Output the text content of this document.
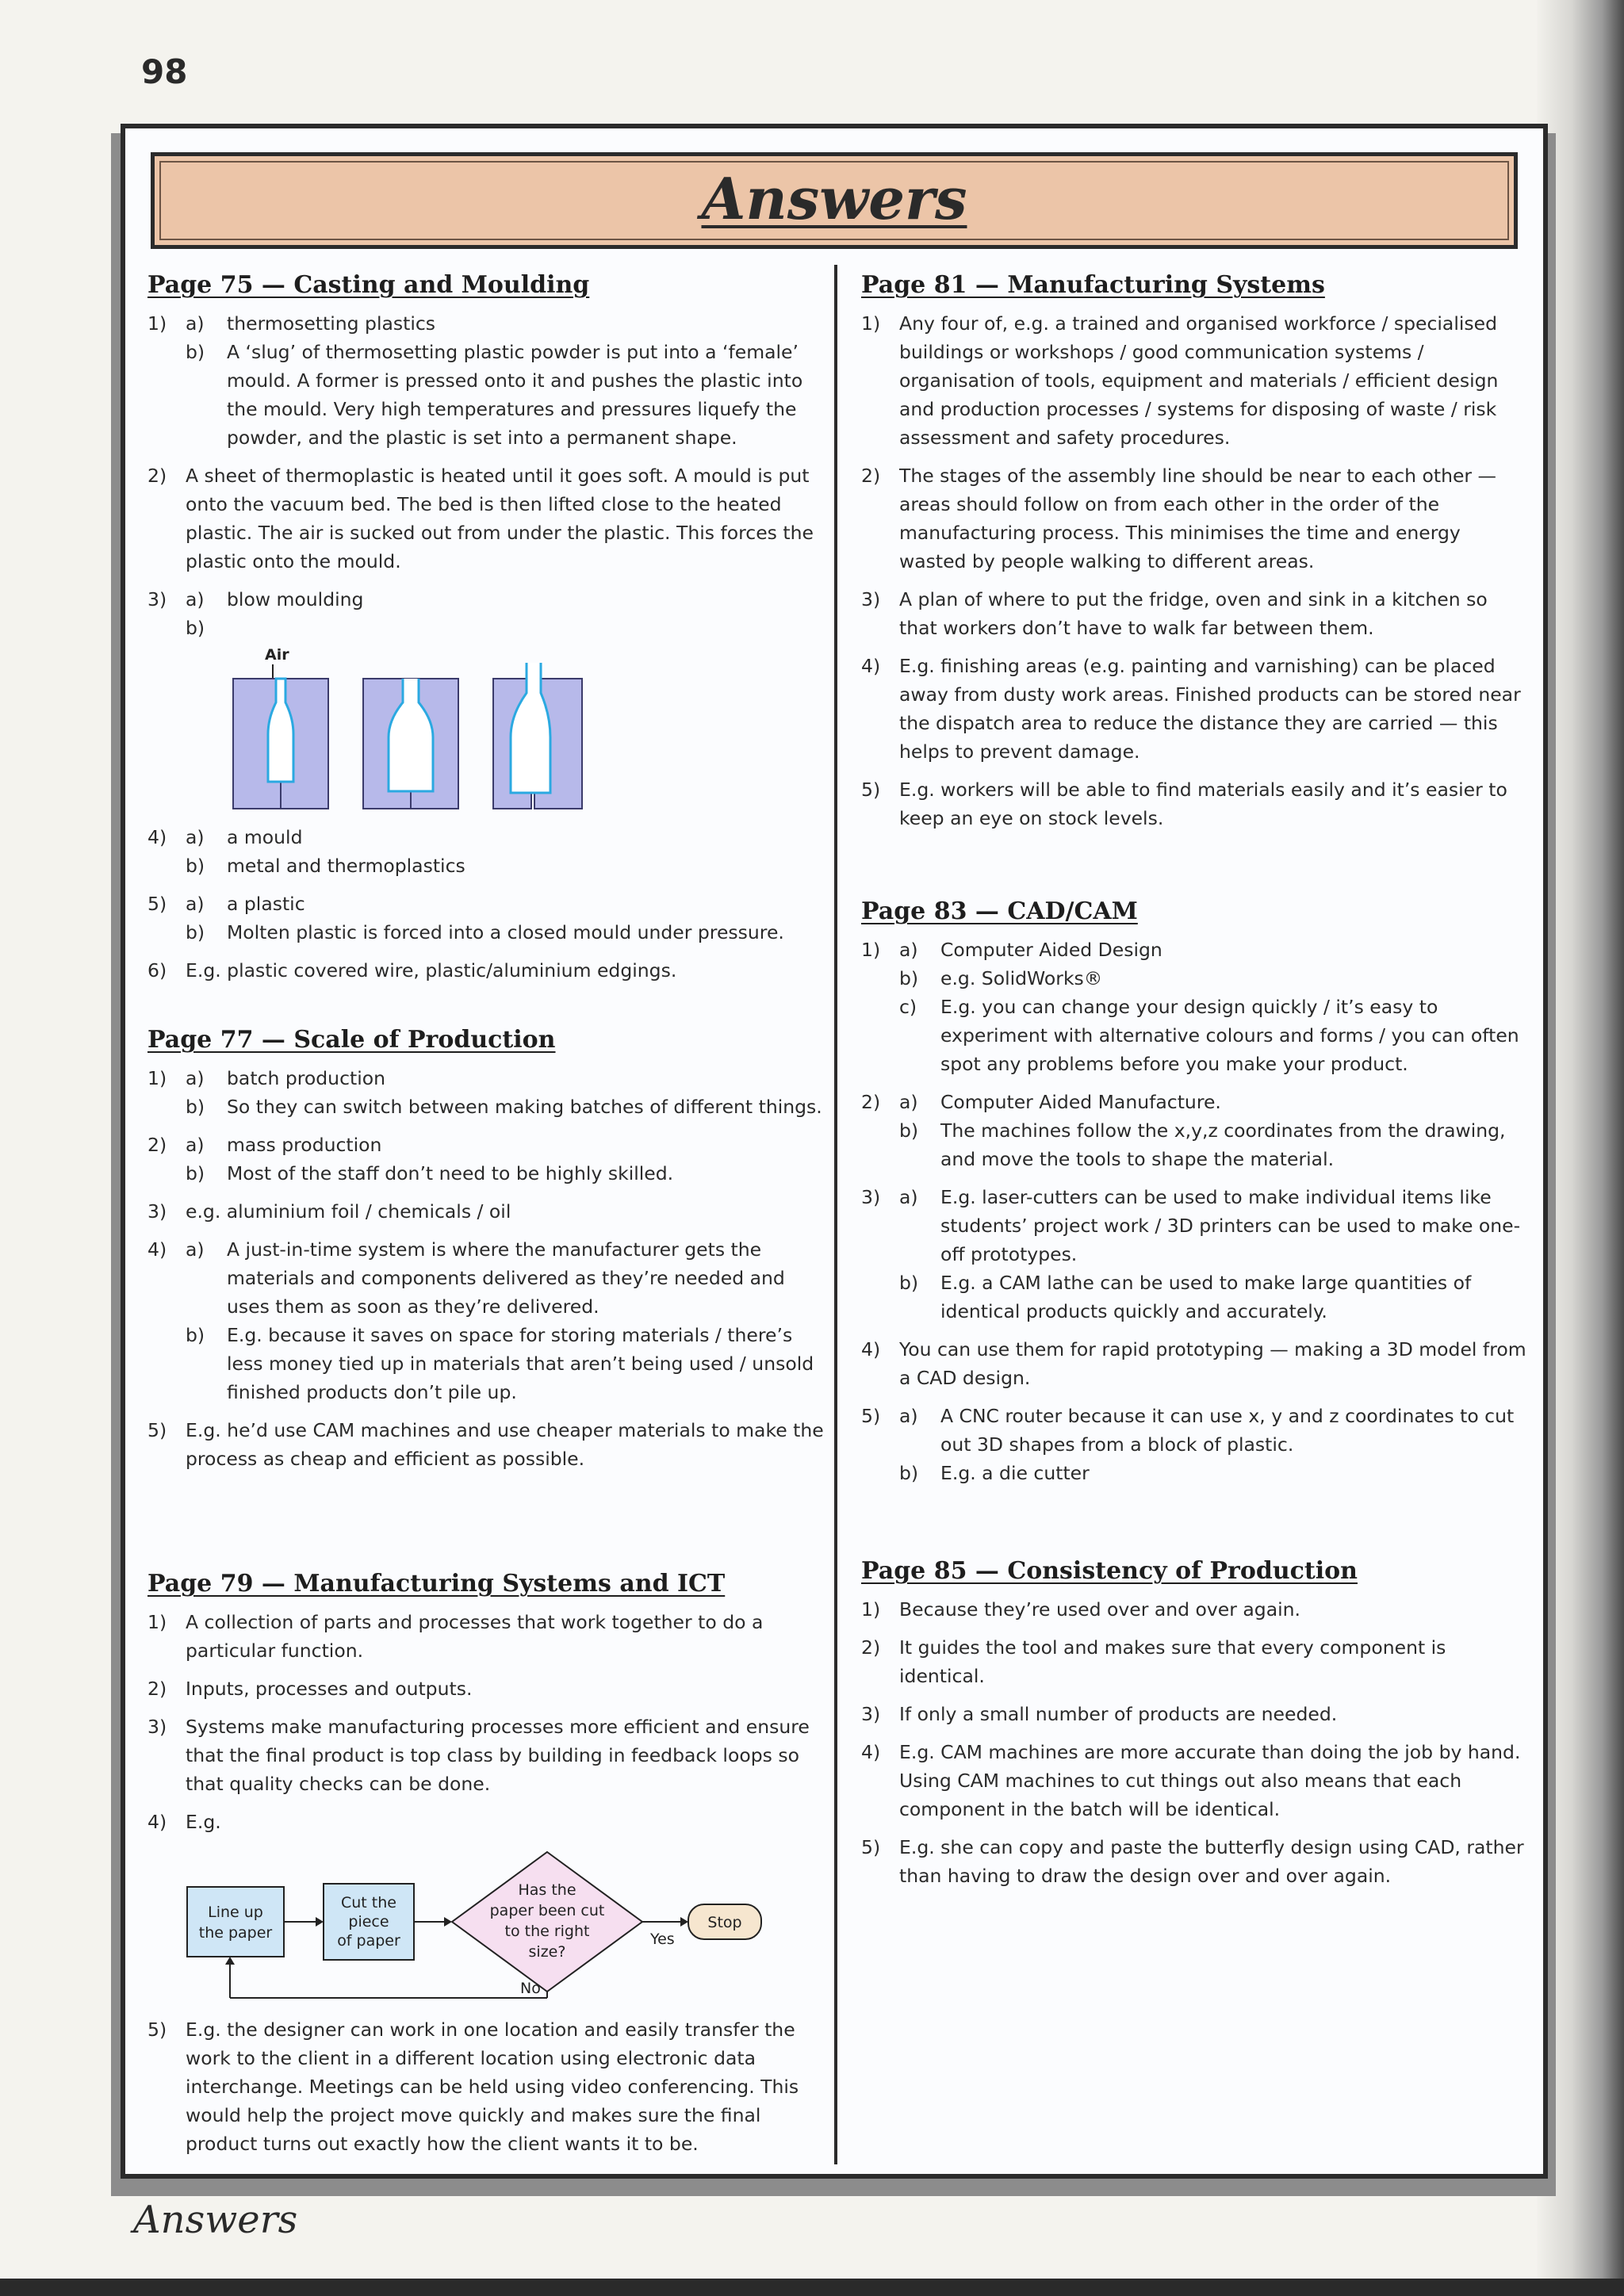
98
Answers
Page 75 — Casting and Moulding
1) a) thermosetting plastics
b) A ‘slug’ of thermosetting plastic powder is put into a ‘female’ mould. A former is pressed onto it and pushes the plastic into the mould. Very high temperatures and pressures liquefy the powder, and the plastic is set into a permanent shape.
2) A sheet of thermoplastic is heated until it goes soft. A mould is put onto the vacuum bed. The bed is then lifted close to the heated plastic. The air is sucked out from under the plastic. This forces the plastic onto the mould.
3) a) blow moulding
b)

Air
4) a) a mould
b) metal and thermoplastics
5) a) a plastic
b) Molten plastic is forced into a closed mould under pressure.
6) E.g. plastic covered wire, plastic/aluminium edgings.
Page 77 — Scale of Production
1) a) batch production
b) So they can switch between making batches of different things.
2) a) mass production
b) Most of the staff don’t need to be highly skilled.
3) e.g. aluminium foil / chemicals / oil
4) a) A just-in-time system is where the manufacturer gets the materials and components delivered as they’re needed and uses them as soon as they’re delivered.
b) E.g. because it saves on space for storing materials / there’s less money tied up in materials that aren’t being used / unsold finished products don’t pile up.
5) E.g. he’d use CAM machines and use cheaper materials to make the process as cheap and efficient as possible.
Page 79 — Manufacturing Systems and ICT
1) A collection of parts and processes that work together to do a particular function.
2) Inputs, processes and outputs.
3) Systems make manufacturing processes more efficient and ensure that the final product is top class by building in feedback loops so that quality checks can be done.
4) E.g.
Line up
the paper
Cut the
piece
of paper
Has the
paper been cut
to the right
size?
Yes
Stop
No
5) E.g. the designer can work in one location and easily transfer the work to the client in a different location using electronic data interchange. Meetings can be held using video conferencing. This would help the project move quickly and makes sure the final product turns out exactly how the client wants it to be.
Page 81 — Manufacturing Systems
1) Any four of, e.g. a trained and organised workforce / specialised buildings or workshops / good communication systems / organisation of tools, equipment and materials / efficient design and production processes / systems for disposing of waste / risk assessment and safety procedures.
2) The stages of the assembly line should be near to each other — areas should follow on from each other in the order of the manufacturing process. This minimises the time and energy wasted by people walking to different areas.
3) A plan of where to put the fridge, oven and sink in a kitchen so that workers don’t have to walk far between them.
4) E.g. finishing areas (e.g. painting and varnishing) can be placed away from dusty work areas. Finished products can be stored near the dispatch area to reduce the distance they are carried — this helps to prevent damage.
5) E.g. workers will be able to find materials easily and it’s easier to keep an eye on stock levels.
Page 83 — CAD/CAM
1) a) Computer Aided Design
b) e.g. SolidWorks®
c) E.g. you can change your design quickly / it’s easy to experiment with alternative colours and forms / you can often spot any problems before you make your product.
2) a) Computer Aided Manufacture.
b) The machines follow the x,y,z coordinates from the drawing, and move the tools to shape the material.
3) a) E.g. laser-cutters can be used to make individual items like students’ project work / 3D printers can be used to make one-off prototypes.
b) E.g. a CAM lathe can be used to make large quantities of identical products quickly and accurately.
4) You can use them for rapid prototyping — making a 3D model from a CAD design.
5) a) A CNC router because it can use x, y and z coordinates to cut out 3D shapes from a block of plastic.
b) E.g. a die cutter
Page 85 — Consistency of Production
1) Because they’re used over and over again.
2) It guides the tool and makes sure that every component is identical.
3) If only a small number of products are needed.
4) E.g. CAM machines are more accurate than doing the job by hand. Using CAM machines to cut things out also means that each component in the batch will be identical.
5) E.g. she can copy and paste the butterfly design using CAD, rather than having to draw the design over and over again.
Answers
